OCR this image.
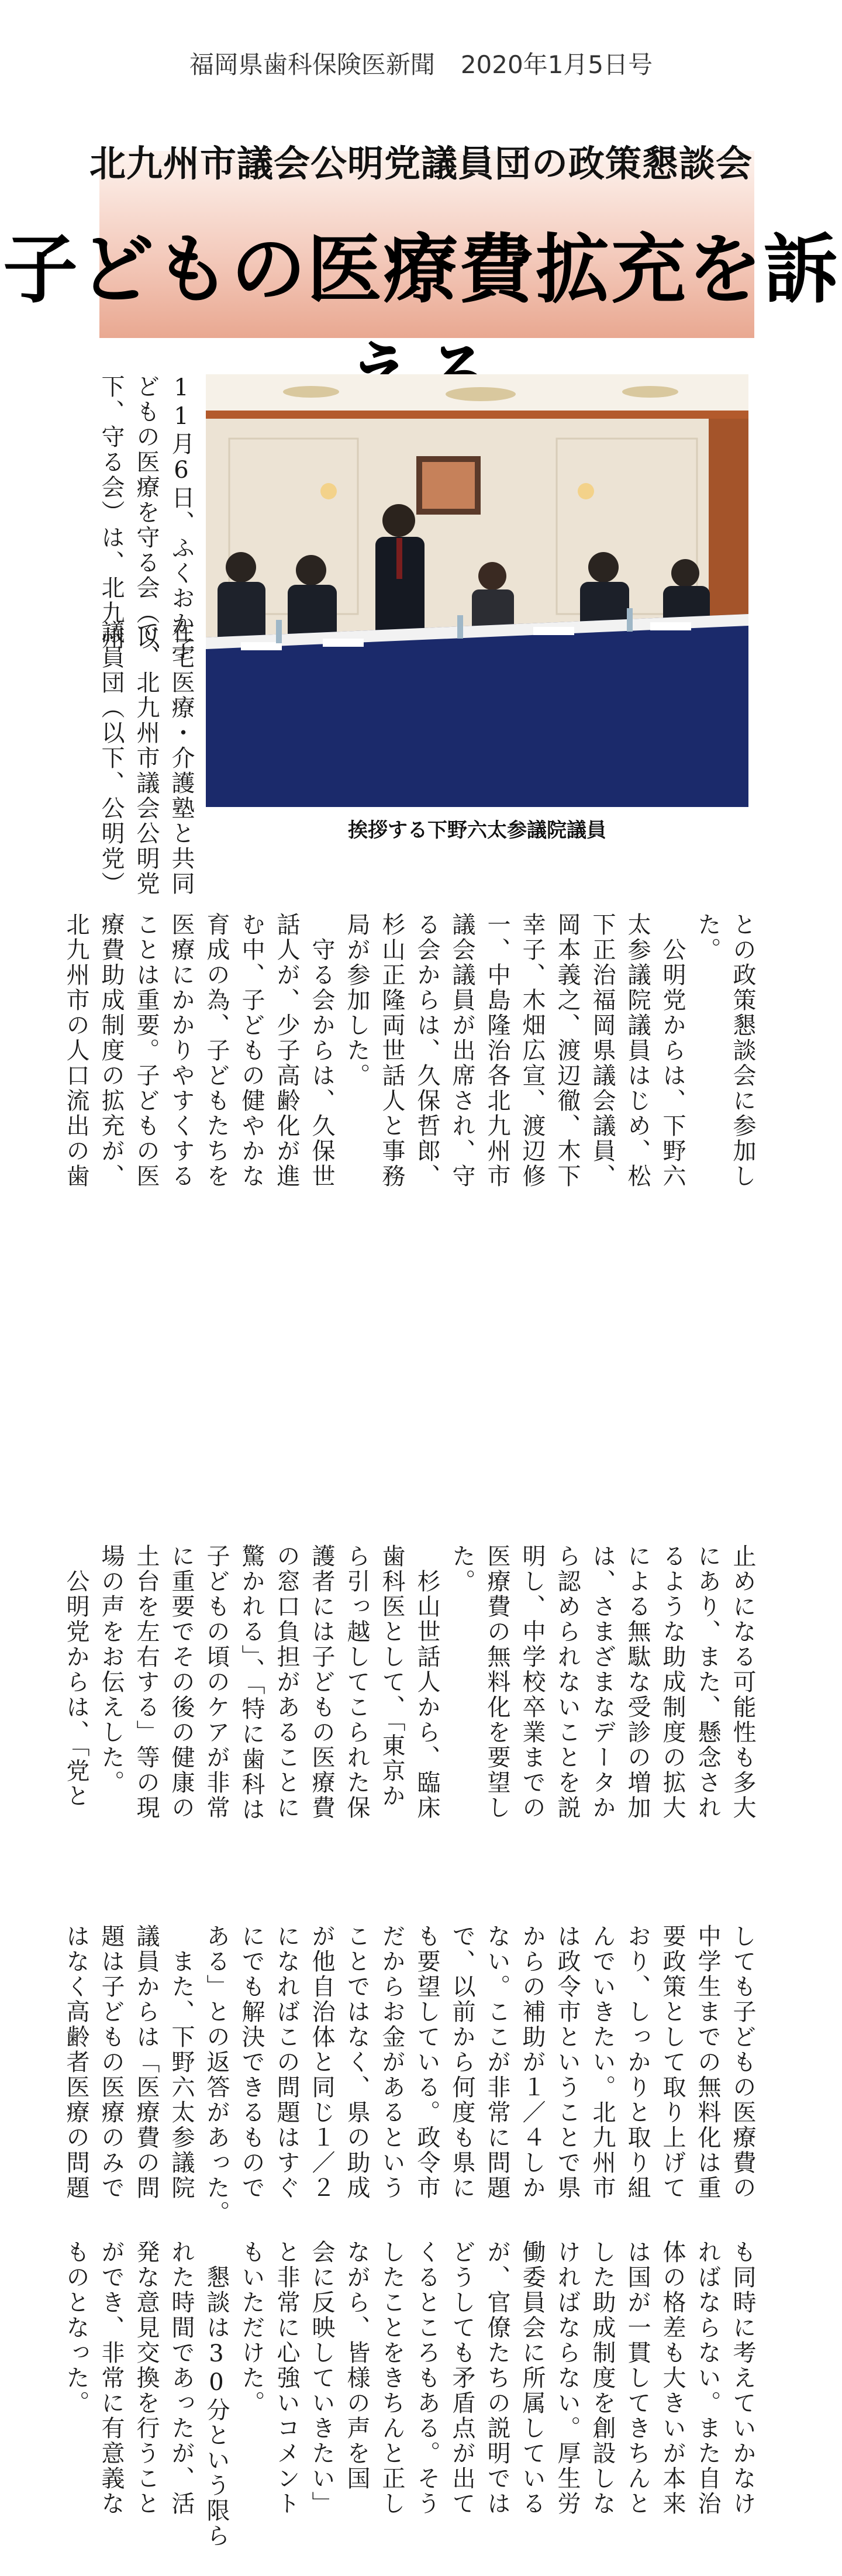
福岡県歯科保険医新聞 2020年1月5日号
北九州市議会公明党議員団の政策懇談会
子どもの医療費拡充を訴
挨拶する下野六太参議院議員
11月6日、ふくおか子
どもの医療を守る会（以
下、守る会）は、北九州
在宅医療・介護塾と共同
で、北九州市議会公明党
議員団（以下、公明党）
との政策懇談会に参加し
た。
　公明党からは、下野六
太参議院議員はじめ、松
下正治福岡県議会議員、
岡本義之、渡辺徹、木下
幸子、木畑広宣、渡辺修
一、中島隆治各北九州市
議会議員が出席され、守
る会からは、久保哲郎、
杉山正隆両世話人と事務
局が参加した。
　守る会からは、久保世
話人が、少子高齢化が進
む中、子どもの健やかな
育成の為、子どもたちを
医療にかかりやすくする
ことは重要。子どもの医
療費助成制度の拡充が、
北九州市の人口流出の歯
止めになる可能性も多大
にあり、また、懸念され
るような助成制度の拡大
による無駄な受診の増加
は、さまざまなデータか
ら認められないことを説
明し、中学校卒業までの
医療費の無料化を要望し
た。
　杉山世話人から、臨床
歯科医として、「東京か
ら引っ越してこられた保
護者には子どもの医療費
の窓口負担があることに
驚かれる」、「特に歯科は
子どもの頃のケアが非常
に重要でその後の健康の
土台を左右する」等の現
場の声をお伝えした。
　公明党からは、「党と
しても子どもの医療費の
中学生までの無料化は重
要政策として取り上げて
おり、しっかりと取り組
んでいきたい。北九州市
は政令市ということで県
からの補助が１／４しか
ない。ここが非常に問題
で、以前から何度も県に
も要望している。政令市
だからお金があるという
ことではなく、県の助成
が他自治体と同じ１／２
になればこの問題はすぐ
にでも解決できるもので
ある」との返答があった。
　また、下野六太参議院
議員からは「医療費の問
題は子どもの医療のみで
はなく高齢者医療の問題
も同時に考えていかなけ
ればならない。また自治
体の格差も大きいが本来
は国が一貫してきちんと
した助成制度を創設しな
ければならない。厚生労
働委員会に所属している
が、官僚たちの説明では
どうしても矛盾点が出て
くるところもある。そう
したことをきちんと正し
ながら、皆様の声を国
会に反映していきたい」
と非常に心強いコメント
もいただけた。
　懇談は30分という限ら
れた時間であったが、活
発な意見交換を行うこと
ができ、非常に有意義な
ものとなった。
